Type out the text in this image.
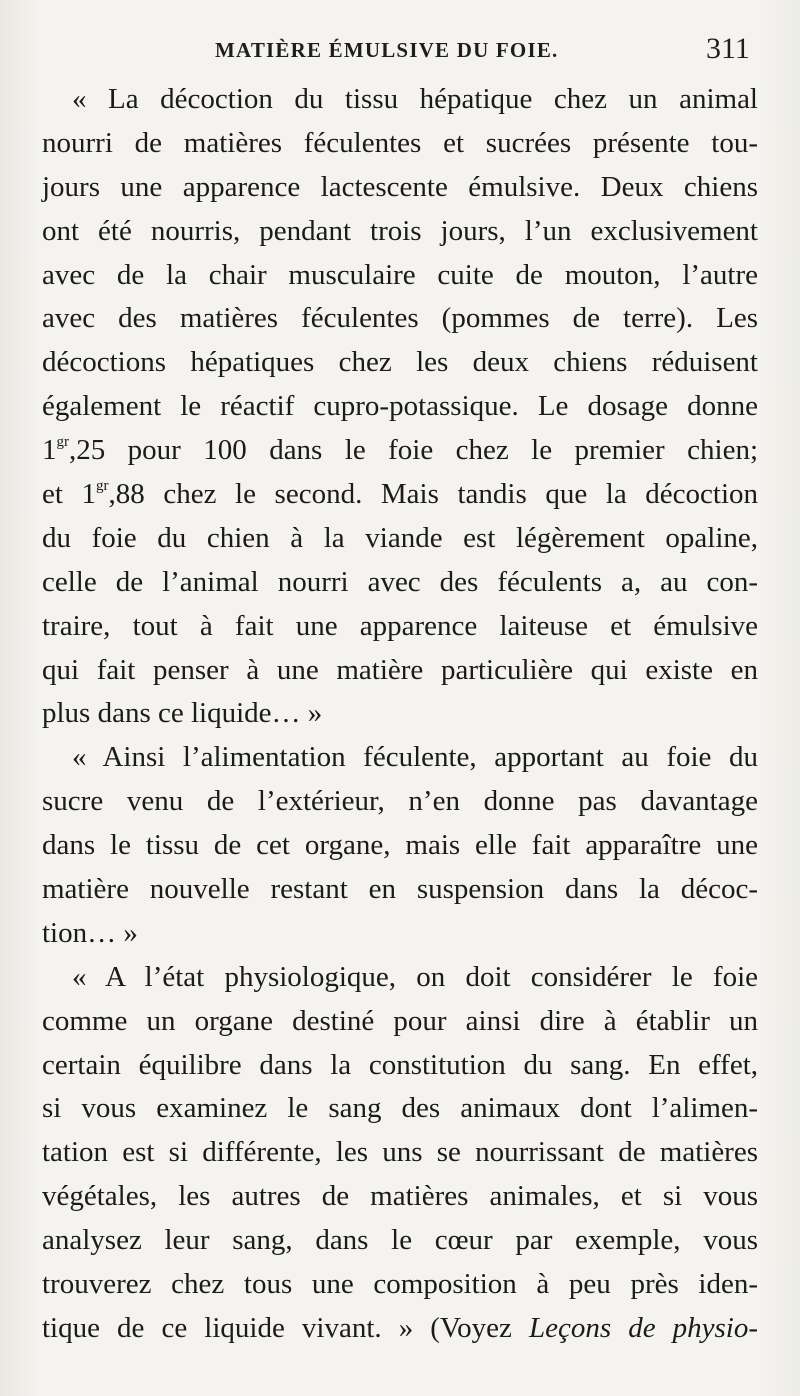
MATIÈRE ÉMULSIVE DU FOIE.	311
« La décoction du tissu hépatique chez un animal
nourri de matières féculentes et sucrées présente tou-
jours une apparence lactescente émulsive. Deux chiens
ont été nourris, pendant trois jours, l’un exclusivement
avec de la chair musculaire cuite de mouton, l’autre
avec des matières féculentes (pommes de terre). Les
décoctions hépatiques chez les deux chiens réduisent
également le réactif cupro-potassique. Le dosage donne
$1^{gr},25$ pour 100 dans le foie chez le premier chien;
et $1^{gr},88$ chez le second. Mais tandis que la décoction
du foie du chien à la viande est légèrement opaline,
celle de l’animal nourri avec des féculents a, au con-
traire, tout à fait une apparence laiteuse et émulsive
qui fait penser à une matière particulière qui existe en
plus dans ce liquide… »
« Ainsi l’alimentation féculente, apportant au foie du
sucre venu de l’extérieur, n’en donne pas davantage
dans le tissu de cet organe, mais elle fait apparaître une
matière nouvelle restant en suspension dans la décoc-
tion… »
« A l’état physiologique, on doit considérer le foie
comme un organe destiné pour ainsi dire à établir un
certain équilibre dans la constitution du sang. En effet,
si vous examinez le sang des animaux dont l’alimen-
tation est si différente, les uns se nourrissant de matières
végétales, les autres de matières animales, et si vous
analysez leur sang, dans le cœur par exemple, vous
trouverez chez tous une composition à peu près iden-
tique de ce liquide vivant. » (Voyez Leçons de physio-
